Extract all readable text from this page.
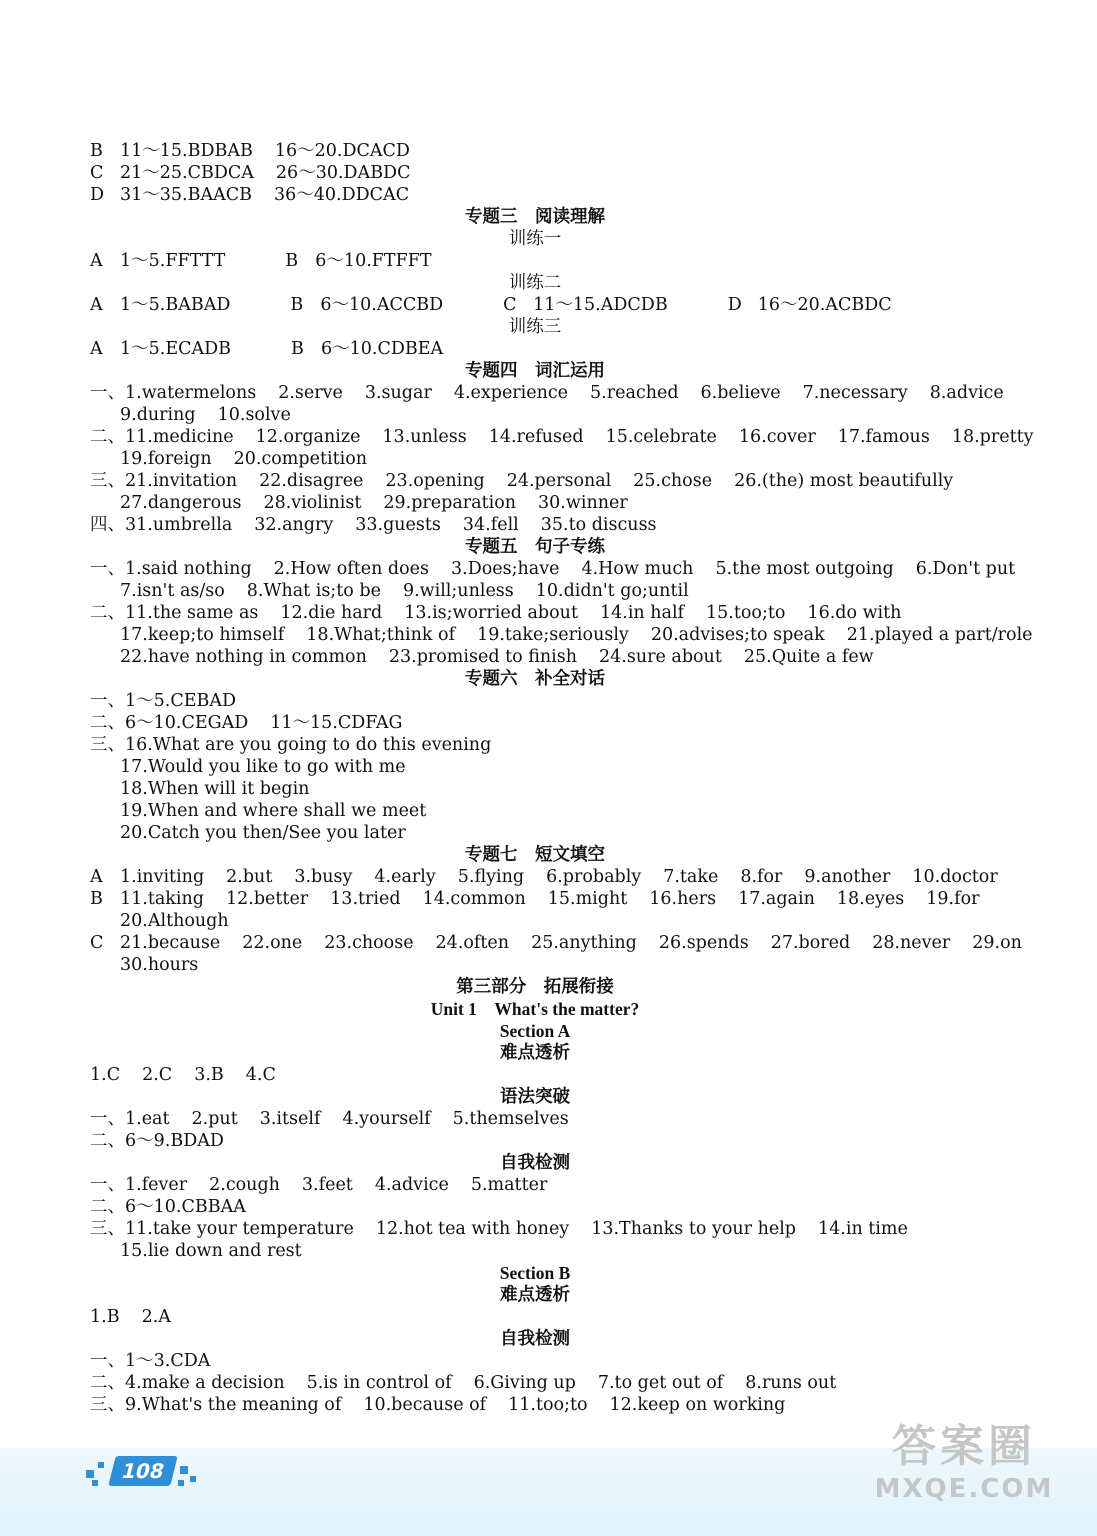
B 11～15.BDBAB 16～20.DCACD
C 21～25.CBDCA 26～30.DABDC
D 31～35.BAACB 36～40.DDCAC
专题三　阅读理解
训练一
A 1～5.FFTTT	B 6～10.FTFFT
训练二
A 1～5.BABAD	B 6～10.ACCBD	C 11～15.ADCDB	D 16～20.ACBDC
训练三
A 1～5.ECADB	B 6～10.CDBEA
专题四　词汇运用
一、1.watermelons 2.serve 3.sugar 4.experience 5.reached 6.believe 7.necessary 8.advice
9.during 10.solve
二、11.medicine 12.organize 13.unless 14.refused 15.celebrate 16.cover 17.famous 18.pretty
19.foreign 20.competition
三、21.invitation 22.disagree 23.opening 24.personal 25.chose 26.(the) most beautifully
27.dangerous 28.violinist 29.preparation 30.winner
四、31.umbrella 32.angry 33.guests 34.fell 35.to discuss
专题五　句子专练
一、1.said nothing 2.How often does 3.Does;have 4.How much 5.the most outgoing 6.Don't put
7.isn't as/so 8.What is;to be 9.will;unless 10.didn't go;until
二、11.the same as 12.die hard 13.is;worried about 14.in half 15.too;to 16.do with
17.keep;to himself 18.What;think of 19.take;seriously 20.advises;to speak 21.played a part/role
22.have nothing in common 23.promised to finish 24.sure about 25.Quite a few
专题六　补全对话
一、1～5.CEBAD
二、6～10.CEGAD 11～15.CDFAG
三、16.What are you going to do this evening
17.Would you like to go with me
18.When will it begin
19.When and where shall we meet
20.Catch you then/See you later
专题七　短文填空
A 1.inviting 2.but 3.busy 4.early 5.flying 6.probably 7.take 8.for 9.another 10.doctor
B 11.taking 12.better 13.tried 14.common 15.might 16.hers 17.again 18.eyes 19.for
20.Although
C 21.because 22.one 23.choose 24.often 25.anything 26.spends 27.bored 28.never 29.on
30.hours
第三部分　拓展衔接
Unit 1　What's the matter?
Section A
难点透析
1.C 2.C 3.B 4.C
语法突破
一、1.eat 2.put 3.itself 4.yourself 5.themselves
二、6～9.BDAD
自我检测
一、1.fever 2.cough 3.feet 4.advice 5.matter
二、6～10.CBBAA
三、11.take your temperature 12.hot tea with honey 13.Thanks to your help 14.in time
15.lie down and rest
Section B
难点透析
1.B 2.A
自我检测
一、1～3.CDA
二、4.make a decision 5.is in control of 6.Giving up 7.to get out of 8.runs out
三、9.What's the meaning of 10.because of 11.too;to 12.keep on working
108	答案圈
MXQE.COM
